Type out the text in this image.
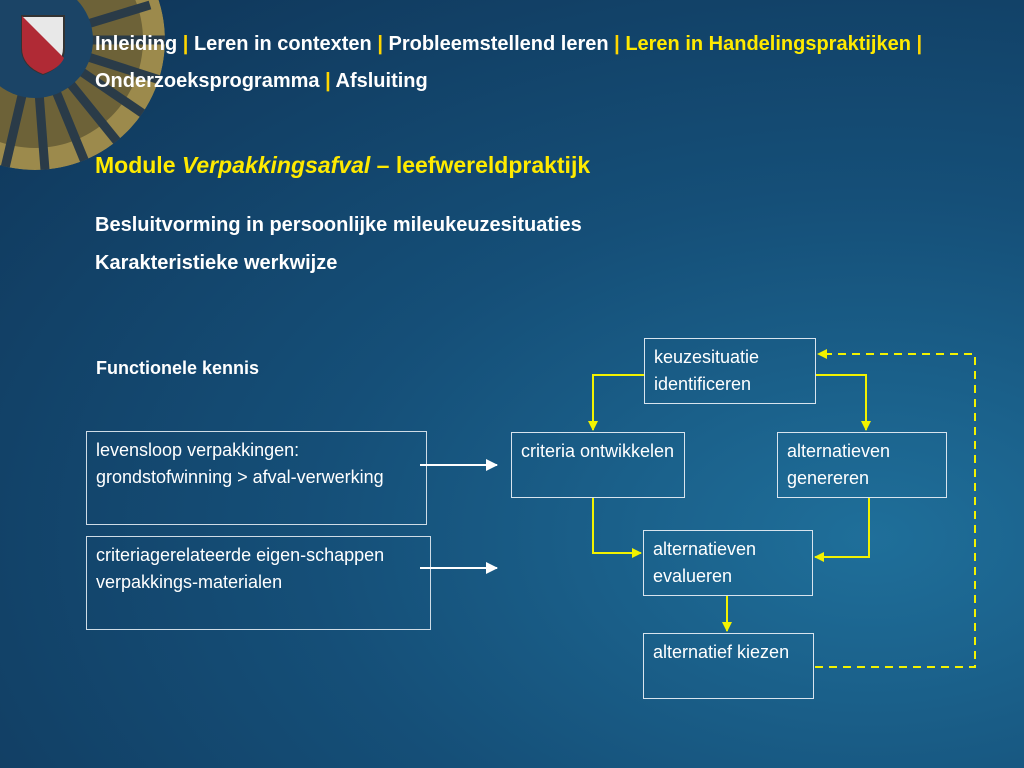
Inleiding | Leren in contexten | Probleemstellend leren | Leren in Handelingspraktijken | Onderzoeksprogramma | Afsluiting
Module Verpakkingsafval – leefwereldpraktijk
Besluitvorming in persoonlijke mileukeuzesituaties
Karakteristieke werkwijze
Functionele kennis
levensloop verpakkingen: grondstofwinning > afval-verwerking
criteriagerelateerde eigen-schappen verpakkings-materialen
keuzesituatie identificeren
criteria ontwikkelen	alternatieven genereren
alternatieven evalueren
alternatief kiezen
